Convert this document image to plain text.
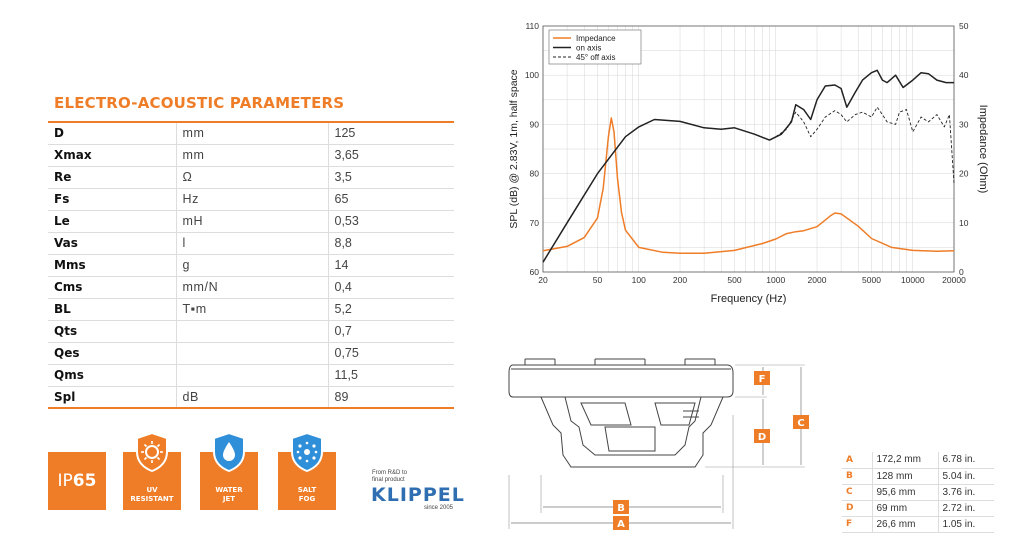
ELECTRO-ACOUSTIC PARAMETERS
D	mm	125
Xmax	mm	3,65
Re	Ω	3,5
Fs	Hz	65
Le	mH	0,53
Vas	l	8,8
Mms	g	14
Cms	mm/N	0,4
BL	T▪m	5,2
Qts		0,7
Qes		0,75
Qms		11,5
Spl	dB	89
IP 65	UV
RESISTANT
WATER
JET
SALT
FOG
From R&D to
final product
KLIPPEL
since 2005
20	50	100	200	500	1000	2000	5000 10000 20000
60
70
80
90
100
110
0
10
20
30
40
50
Frequency (Hz)
SPL (dB) @ 2.83V, 1m, half space	Impedance (Ohm)
Impedance
on axis
45° off axis
F
D
C
B
A
A	172,2 mm	6.78 in.
B	128 mm	5.04 in.
C	95,6 mm	3.76 in.
D	69 mm	2.72 in.
F	26,6 mm	1.05 in.
